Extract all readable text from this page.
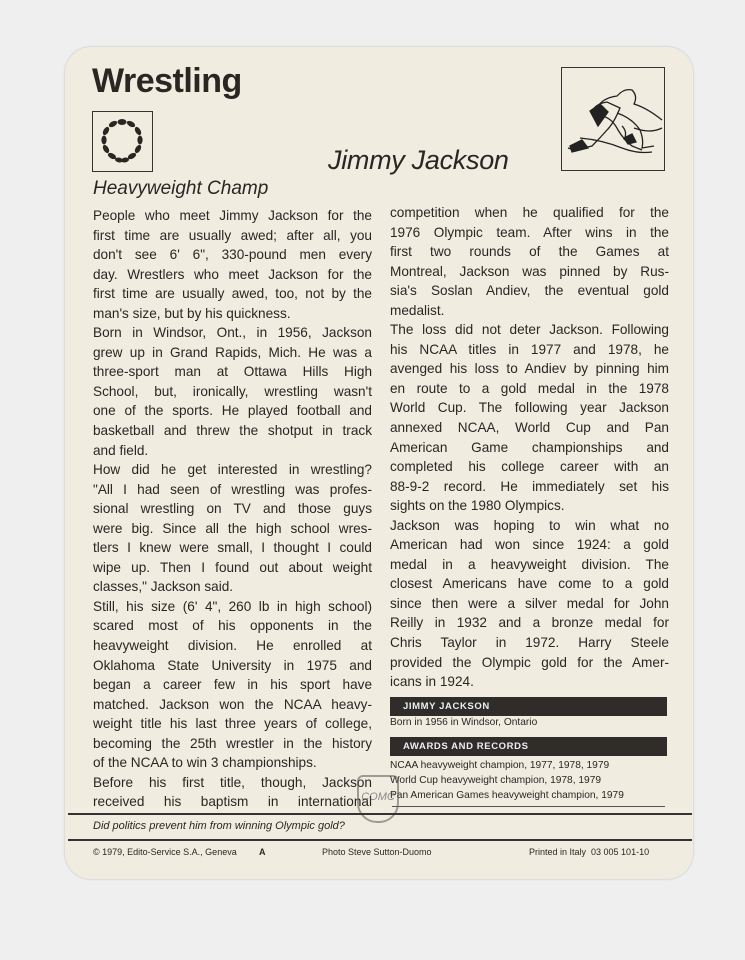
Wrestling
Jimmy Jackson
Heavyweight Champ
People who meet Jimmy Jackson for the
first time are usually awed; after all, you
don't see 6' 6", 330-pound men every
day. Wrestlers who meet Jackson for the
first time are usually awed, too, not by the
man's size, but by his quickness.
Born in Windsor, Ont., in 1956, Jackson
grew up in Grand Rapids, Mich. He was a
three-sport man at Ottawa Hills High
School, but, ironically, wrestling wasn't
one of the sports. He played football and
basketball and threw the shotput in track
and field.
How did he get interested in wrestling?
"All I had seen of wrestling was profes-
sional wrestling on TV and those guys
were big. Since all the high school wres-
tlers I knew were small, I thought I could
wipe up. Then I found out about weight
classes," Jackson said.
Still, his size (6' 4", 260 lb in high school)
scared most of his opponents in the
heavyweight division. He enrolled at
Oklahoma State University in 1975 and
began a career few in his sport have
matched. Jackson won the NCAA heavy-
weight title his last three years of college,
becoming the 25th wrestler in the history
of the NCAA to win 3 championships.
Before his first title, though, Jackson
received his baptism in international
competition when he qualified for the
1976 Olympic team. After wins in the
first two rounds of the Games at
Montreal, Jackson was pinned by Rus-
sia's Soslan Andiev, the eventual gold
medalist.
The loss did not deter Jackson. Following
his NCAA titles in 1977 and 1978, he
avenged his loss to Andiev by pinning him
en route to a gold medal in the 1978
World Cup. The following year Jackson
annexed NCAA, World Cup and Pan
American Game championships and
completed his college career with an
88-9-2 record. He immediately set his
sights on the 1980 Olympics.
Jackson was hoping to win what no
American had won since 1924: a gold
medal in a heavyweight division. The
closest Americans have come to a gold
since then were a silver medal for John
Reilly in 1932 and a bronze medal for
Chris Taylor in 1972. Harry Steele
provided the Olympic gold for the Amer-
icans in 1924.
JIMMY JACKSON
Born in 1956 in Windsor, Ontario
AWARDS AND RECORDS
NCAA heavyweight champion, 1977, 1978, 1979
World Cup heavyweight champion, 1978, 1979
Pan American Games heavyweight champion, 1979
COMC
Did politics prevent him from winning Olympic gold?
© 1979, Edito-Service S.A., Geneva A	Photo Steve Sutton-Duomo	Printed in Italy  03 005 101-10
